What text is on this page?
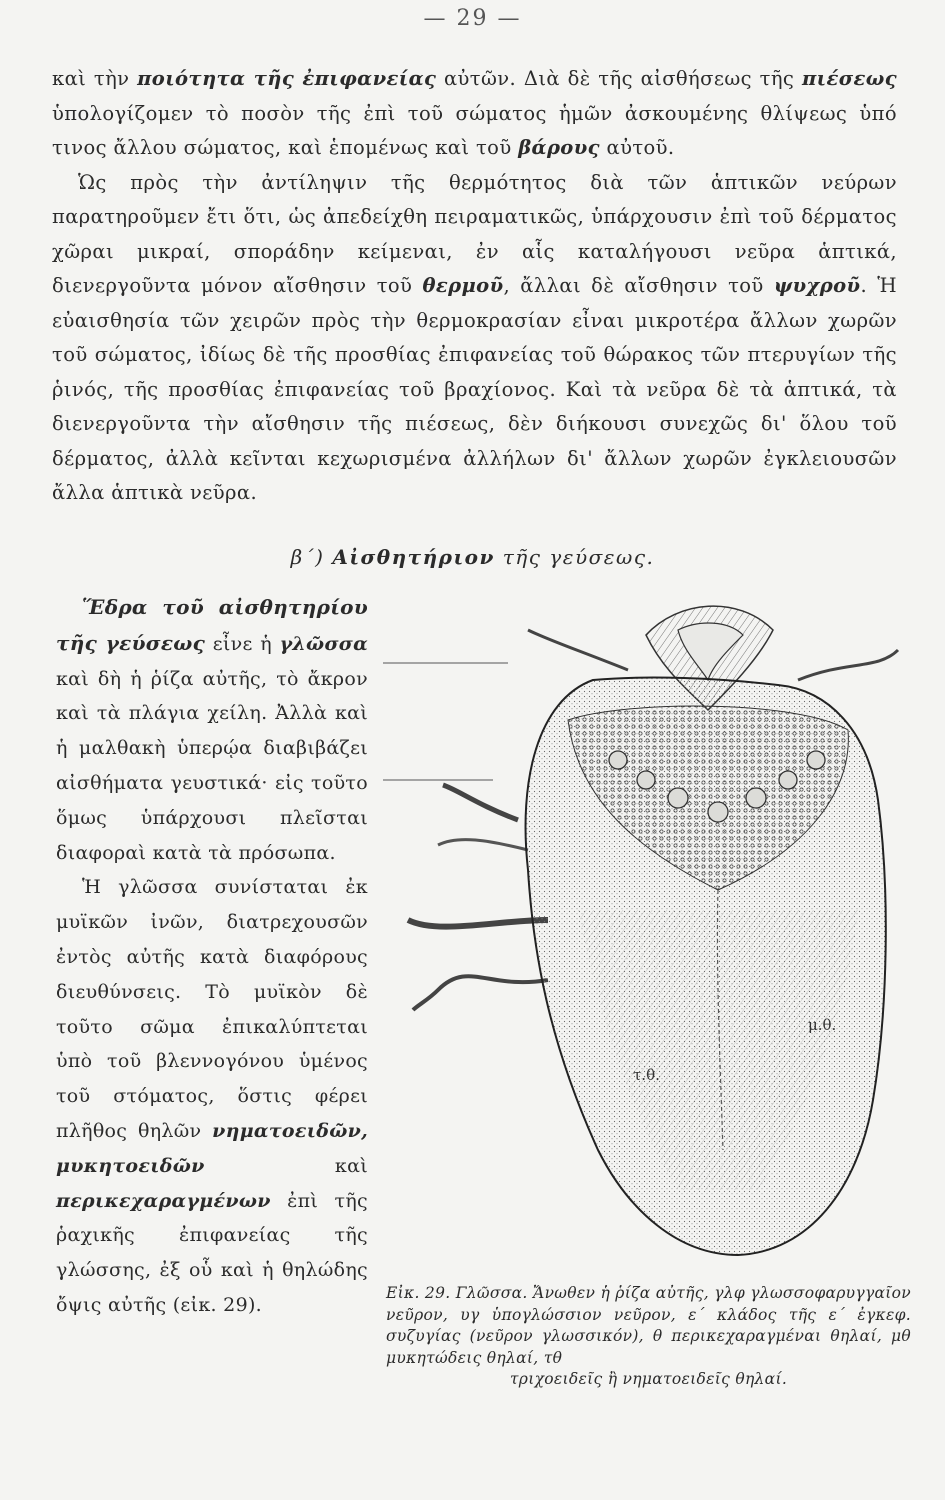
— 29 —

καὶ τὴν ποιότητα τῆς ἐπιφανείας αὐτῶν. Διὰ δὲ τῆς αἰσθήσεως τῆς πιέσεως ὑπολογίζομεν τὸ ποσὸν τῆς ἐπὶ τοῦ σώματος ἡμῶν ἀσκουμένης θλίψεως ὑπό τινος ἄλλου σώματος, καὶ ἑπομένως καὶ τοῦ βάρους αὐτοῦ.

Ὡς πρὸς τὴν ἀντίληψιν τῆς θερμότητος διὰ τῶν ἁπτικῶν νεύρων παρατηροῦμεν ἔτι ὅτι, ὡς ἀπεδείχθη πειραματικῶς, ὑπάρχουσιν ἐπὶ τοῦ δέρματος χῶραι μικραί, σποράδην κείμεναι, ἐν αἷς καταλήγουσι νεῦρα ἁπτικά, διενεργοῦντα μόνον αἴσθησιν τοῦ θερμοῦ, ἄλλαι δὲ αἴσθησιν τοῦ ψυχροῦ. Ἡ εὐαισθησία τῶν χειρῶν πρὸς τὴν θερμοκρασίαν εἶναι μικροτέρα ἄλλων χωρῶν τοῦ σώματος, ἰδίως δὲ τῆς προσθίας ἐπιφανείας τοῦ θώρακος τῶν πτερυγίων τῆς ῥινός, τῆς προσθίας ἐπιφανείας τοῦ βραχίονος. Καὶ τὰ νεῦρα δὲ τὰ ἁπτικά, τὰ διενεργοῦντα τὴν αἴσθησιν τῆς πιέσεως, δὲν διήκουσι συνεχῶς δι' ὅλου τοῦ δέρματος, ἀλλὰ κεῖνται κεχωρισμένα ἀλλήλων δι' ἄλλων χωρῶν ἐγκλειουσῶν ἄλλα ἁπτικὰ νεῦρα.

β΄) Αἰσθητήριον τῆς γεύσεως.

Ἕδρα τοῦ αἰσθητηρίου τῆς γεύσεως εἶνε ἡ γλῶσσα καὶ δὴ ἡ ῥίζα αὐτῆς, τὸ ἄκρον καὶ τὰ πλάγια χείλη. Ἀλλὰ καὶ ἡ μαλθακὴ ὑπερῴα διαβιβάζει αἰσθήματα γευστικά· εἰς τοῦτο ὅμως ὑπάρχουσι πλεῖσται διαφοραὶ κατὰ τὰ πρόσωπα.

Ἡ γλῶσσα συνίσταται ἐκ μυϊκῶν ἰνῶν, διατρεχουσῶν ἐντὸς αὐτῆς κατὰ διαφόρους διευθύνσεις. Τὸ μυϊκὸν δὲ τοῦτο σῶμα ἐπικαλύπτεται ὑπὸ τοῦ βλεννογόνου ὑμένος τοῦ στόματος, ὅστις φέρει πλῆθος θηλῶν νηματοειδῶν, μυκητοειδῶν καὶ περικεχαραγμένων ἐπὶ τῆς ῥαχικῆς ἐπιφανείας τῆς γλώσσης, ἐξ οὗ καὶ ἡ θηλώδης ὄψις αὐτῆς (εἰκ. 29).

μ.θ.
τ.θ.

Εἰκ. 29. Γλῶσσα. Ἄνωθεν ἡ ῥίζα αὐτῆς, γλφ γλωσσοφαρυγγαῖον νεῦρον, υγ ὑπογλώσσιον νεῦρον, ε΄ κλάδος τῆς ε΄ ἐγκεφ. συζυγίας (νεῦρον γλωσσικόν), θ περικεχαραγμέναι θηλαί, μθ μυκητώδεις θηλαί, τθ

τριχοειδεῖς ἢ νηματοειδεῖς θηλαί.
